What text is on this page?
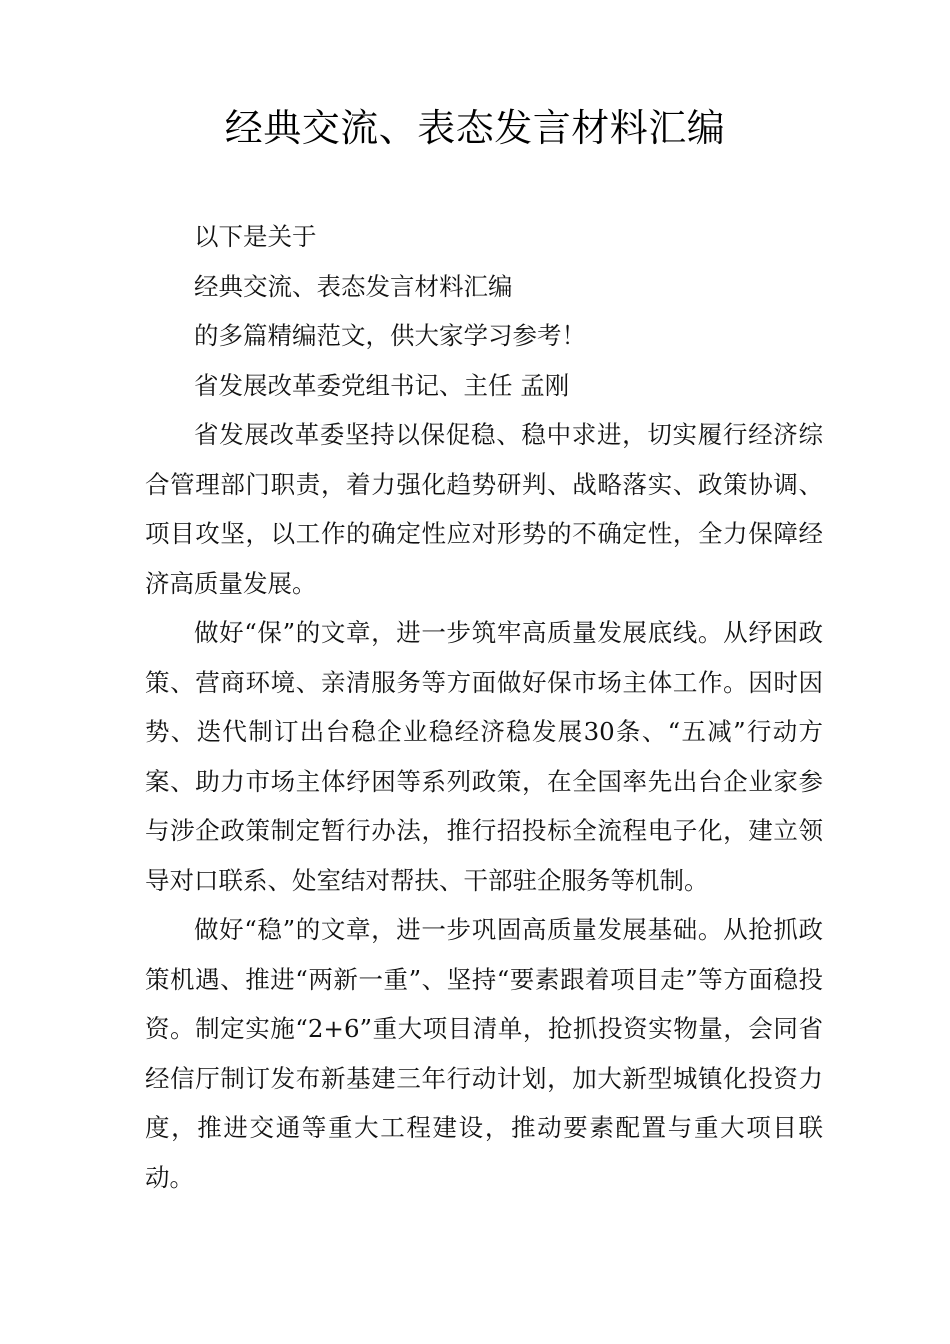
经典交流、表态发言材料汇编

以下是关于

经典交流、表态发言材料汇编

的多篇精编范文，供大家学习参考！

省发展改革委党组书记、主任 孟刚

省发展改革委坚持以保促稳、稳中求进，切实履行经济综合管理部门职责，着力强化趋势研判、战略落实、政策协调、项目攻坚，以工作的确定性应对形势的不确定性，全力保障经济高质量发展。

做好“保”的文章，进一步筑牢高质量发展底线。从纾困政策、营商环境、亲清服务等方面做好保市场主体工作。因时因势、迭代制订出台稳企业稳经济稳发展30条、“五减”行动方案、助力市场主体纾困等系列政策，在全国率先出台企业家参与涉企政策制定暂行办法，推行招投标全流程电子化，建立领导对口联系、处室结对帮扶、干部驻企服务等机制。

做好“稳”的文章，进一步巩固高质量发展基础。从抢抓政策机遇、推进“两新一重”、坚持“要素跟着项目走”等方面稳投资。制定实施“2+6”重大项目清单，抢抓投资实物量，会同省经信厅制订发布新基建三年行动计划，加大新型城镇化投资力度，推进交通等重大工程建设，推动要素配置与重大项目联动。
